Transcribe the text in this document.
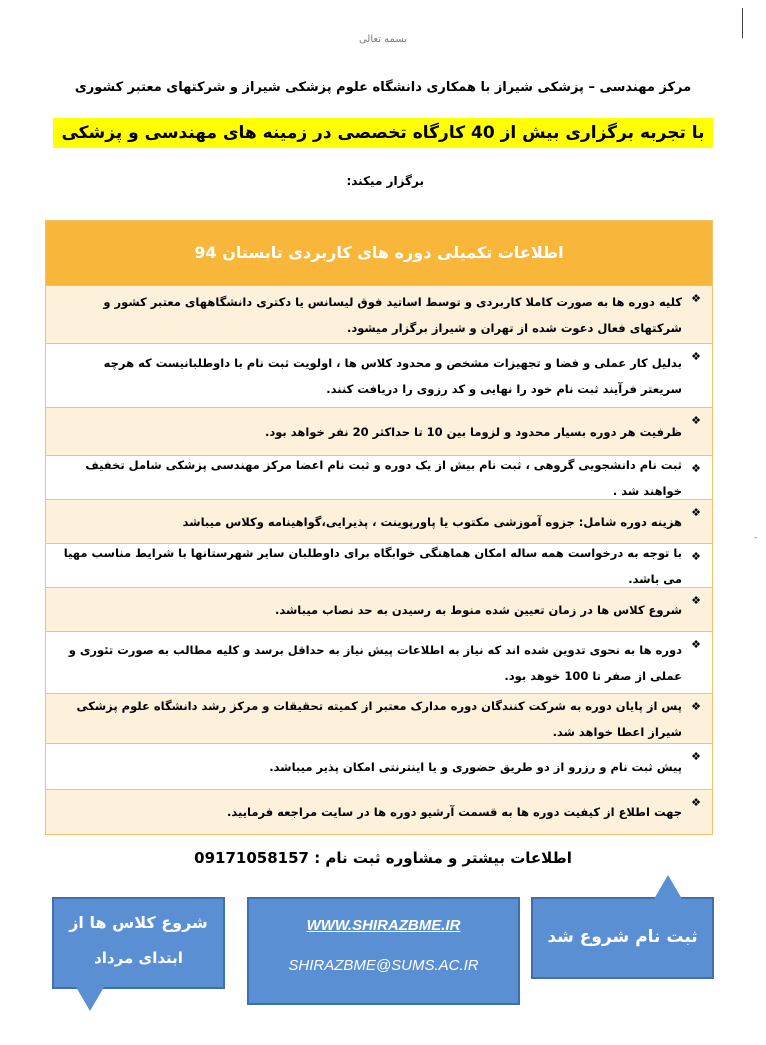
بسمه تعالی
مرکز مهندسی – پزشکی شیراز با همکاری دانشگاه علوم پزشکی شیراز و شرکتهای معتبر کشوری
با تجربه برگزاری بیش از 40 کارگاه تخصصی در زمینه های مهندسی و پزشکی
برگزار میکند:
اطلاعات تکمیلی دوره های کاربردی تابستان 94
❖
کلیه دوره ها به صورت کاملا کاربردی و توسط اساتید فوق لیسانس یا دکتری دانشگاههای معتبر کشور و شرکتهای فعال دعوت شده از تهران و شیراز برگزار میشود.
❖
بدلیل کار عملی و فضا و تجهیزات مشخص و محدود کلاس ها ، اولویت ثبت نام با داوطلبانیست که هرچه سریعتر فرآیند ثبت نام خود را نهایی و کد رزوی را دریافت کنند.
❖
ظرفیت هر دوره بسیار محدود و لزوما بین 10 تا حداکثر 20 نفر خواهد بود.
❖
ثبت نام دانشجویی گروهی ، ثبت نام بیش از یک دوره و ثبت نام اعضا مرکز مهندسی پزشکی شامل تخفیف خواهند شد .
❖
هزینه دوره شامل: جزوه آموزشی مکتوب یا پاورپوینت ، پذیرایی،گواهینامه وکلاس میباشد
❖
با توجه به درخواست همه ساله امکان هماهنگی خوابگاه برای داوطلبان سایر شهرستانها با شرایط مناسب مهیا می باشد.
❖
شروع کلاس ها در زمان تعیین شده منوط به رسیدن به حد نصاب میباشد.
❖
دوره ها به نحوی تدوین شده اند که نیاز به اطلاعات پیش نیاز به حداقل برسد و کلیه مطالب به صورت تئوری و عملی از صفر تا 100 خوهد بود.
❖
پس از پایان دوره به شرکت کنندگان دوره مدارک معتبر از کمیته تحقیقات و مرکز رشد دانشگاه علوم پزشکی شیراز اعطا خواهد شد.
❖
پیش ثبت نام و رزرو از دو طریق حضوری و یا اینترنتی امکان پذیر میباشد.
❖
جهت اطلاع از کیفیت دوره ها به قسمت آرشیو دوره ها در سایت مراجعه فرمایید.
-
اطلاعات بیشتر و مشاوره ثبت نام : 09171058157
شروع کلاس ها از
ابتدای مرداد
WWW.SHIRAZBME.IR
SHIRAZBME@SUMS.AC.IR
ثبت نام شروع شد
